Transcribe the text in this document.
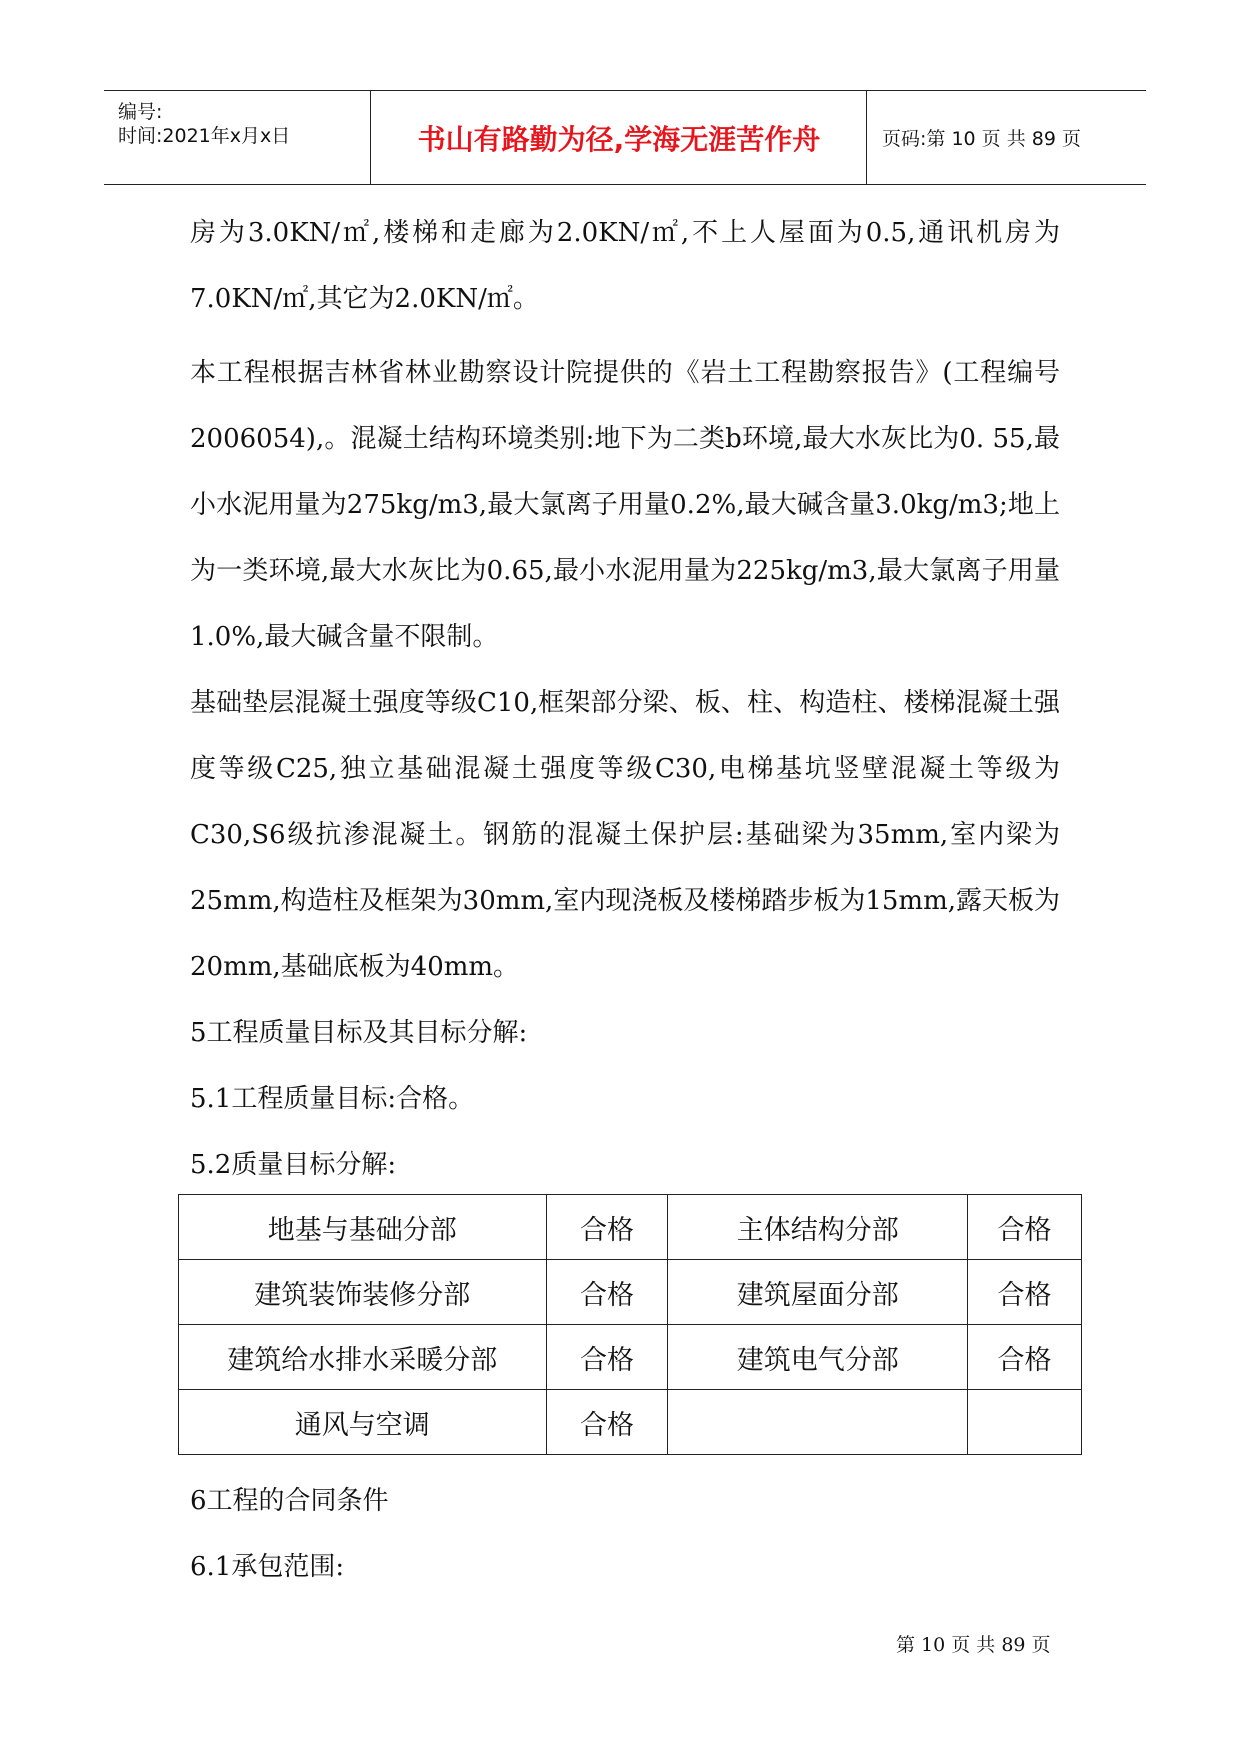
编号:
时间:2021年x月x日	书山有路勤为径,学海无涯苦作舟	页码:第 10 页 共 89 页

房为3.0KN/㎡,楼梯和走廊为2.0KN/㎡,不上人屋面为0.5,通讯机房为7.0KN/㎡,其它为2.0KN/㎡。

本工程根据吉林省林业勘察设计院提供的《岩土工程勘察报告》(工程编号2006054),。混凝土结构环境类别:地下为二类b环境,最大水灰比为0. 55,最小水泥用量为275kg/m3,最大氯离子用量0.2%,最大碱含量3.0kg/m3;地上为一类环境,最大水灰比为0.65,最小水泥用量为225kg/m3,最大氯离子用量1.0%,最大碱含量不限制。

基础垫层混凝土强度等级C10,框架部分梁、板、柱、构造柱、楼梯混凝土强度等级C25,独立基础混凝土强度等级C30,电梯基坑竖壁混凝土等级为C30,S6级抗渗混凝土。钢筋的混凝土保护层:基础梁为35mm,室内梁为25mm,构造柱及框架为30mm,室内现浇板及楼梯踏步板为15mm,露天板为20mm,基础底板为40mm。

5工程质量目标及其目标分解:
5.1工程质量目标:合格。
5.2质量目标分解:
地基与基础分部	合格	主体结构分部	合格
建筑装饰装修分部	合格	建筑屋面分部	合格
建筑给水排水采暖分部	合格	建筑电气分部	合格
通风与空调	合格		
6工程的合同条件
6.1承包范围:
第 10 页 共 89 页
